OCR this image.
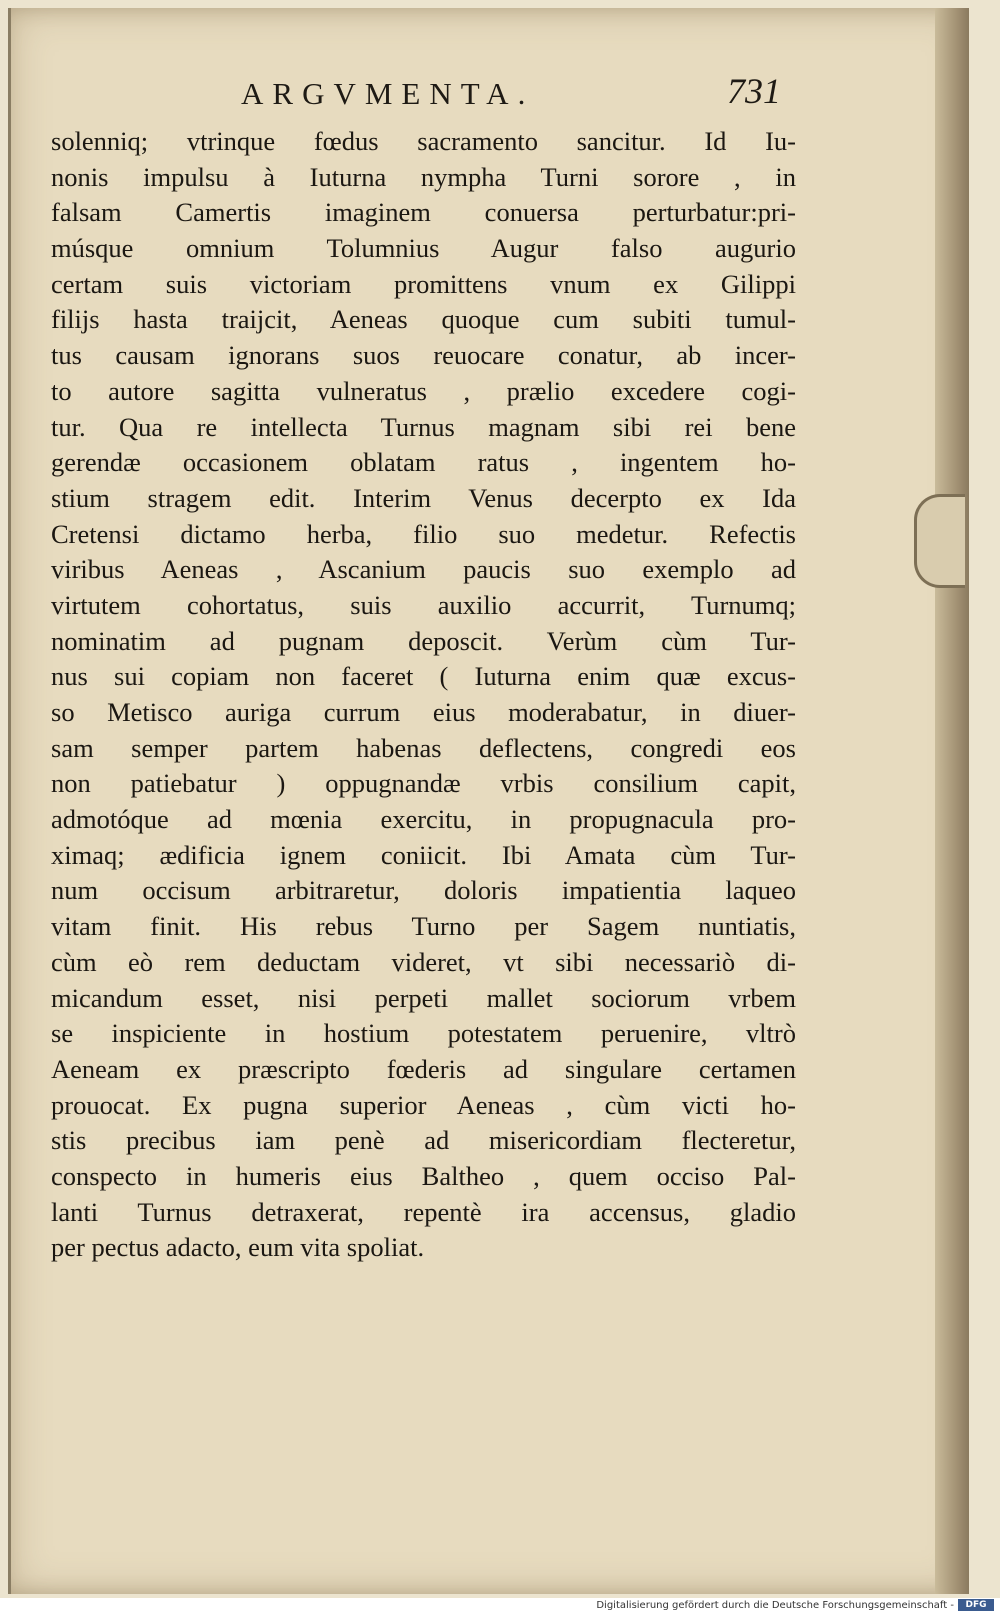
ARGVMENTA.	731
solenniq; vtrinque fœdus sacramento sancitur. Id Iu-
nonis impulsu à Iuturna nympha Turni sorore , in
falsam Camertis imaginem conuersa perturbatur:pri-
músque omnium Tolumnius Augur falso augurio
certam suis victoriam promittens vnum ex Gilippi
filijs hasta traijcit, Aeneas quoque cum subiti tumul-
tus causam ignorans suos reuocare conatur, ab incer-
to autore sagitta vulneratus , prælio excedere cogi-
tur. Qua re intellecta Turnus magnam sibi rei bene
gerendæ occasionem oblatam ratus , ingentem ho-
stium stragem edit. Interim Venus decerpto ex Ida
Cretensi dictamo herba, filio suo medetur. Refectis
viribus Aeneas , Ascanium paucis suo exemplo ad
virtutem cohortatus, suis auxilio accurrit, Turnumq;
nominatim ad pugnam deposcit. Verùm cùm Tur-
nus sui copiam non faceret ( Iuturna enim quæ excus-
so Metisco auriga currum eius moderabatur, in diuer-
sam semper partem habenas deflectens, congredi eos
non patiebatur ) oppugnandæ vrbis consilium capit,
admotóque ad mœnia exercitu, in propugnacula pro-
ximaq; ædificia ignem coniicit. Ibi Amata cùm Tur-
num occisum arbitraretur, doloris impatientia laqueo
vitam finit. His rebus Turno per Sagem nuntiatis,
cùm eò rem deductam videret, vt sibi necessariò di-
micandum esset, nisi perpeti mallet sociorum vrbem
se inspiciente in hostium potestatem peruenire, vltrò
Aeneam ex præscripto fœderis ad singulare certamen
prouocat. Ex pugna superior Aeneas , cùm victi ho-
stis precibus iam penè ad misericordiam flecteretur,
conspecto in humeris eius Baltheo , quem occiso Pal-
lanti Turnus detraxerat, repentè ira accensus, gladio
per pectus adacto, eum vita spoliat.
Digitalisierung gefördert durch die Deutsche Forschungsgemeinschaft -	DFG
